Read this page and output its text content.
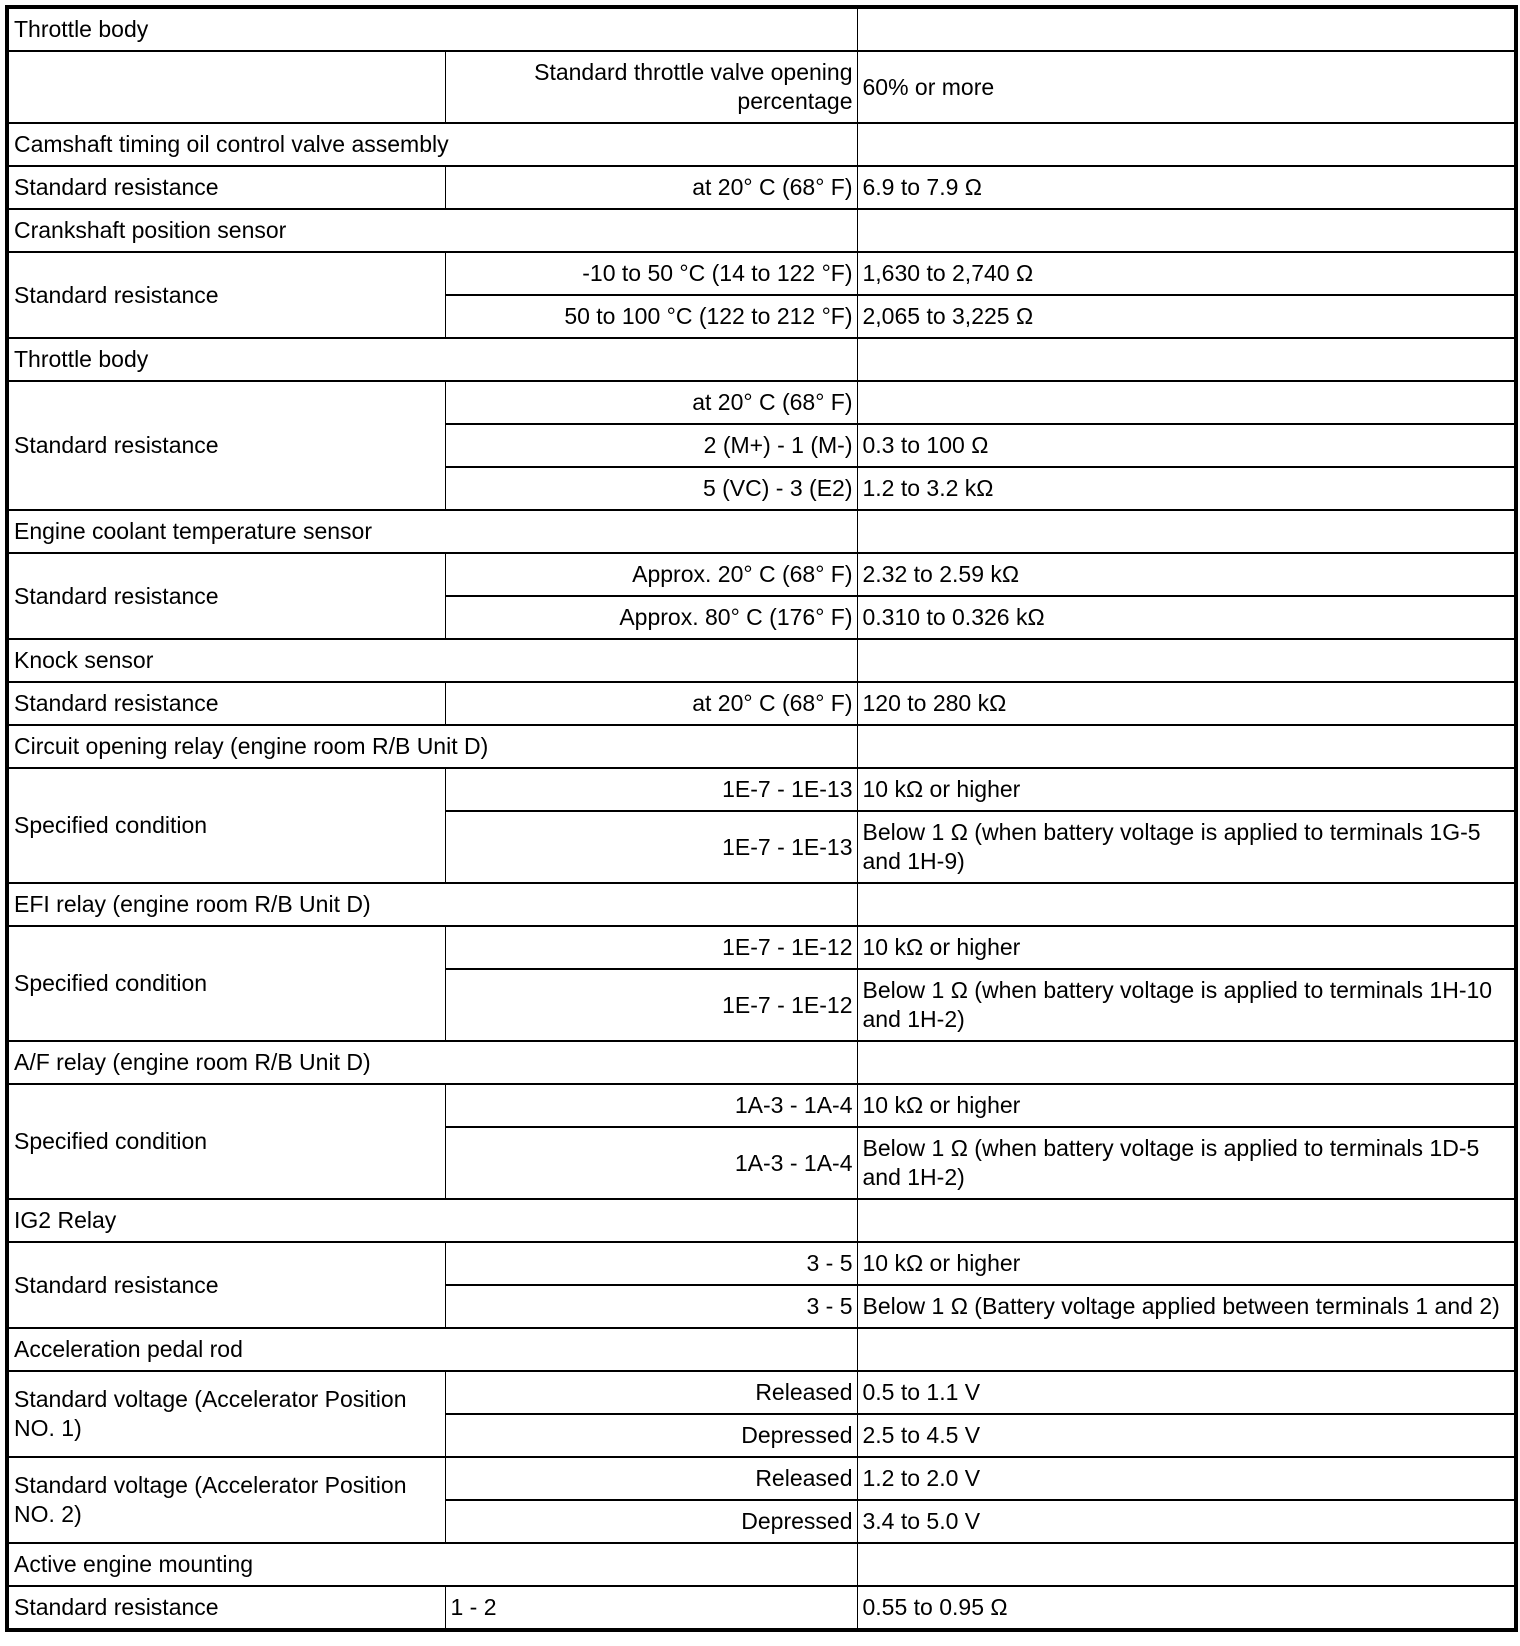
Throttle body		
	Standard throttle valve opening percentage	60% or more
Camshaft timing oil control valve assembly		
Standard resistance	at 20° C (68° F)	6.9 to 7.9 Ω
Crankshaft position sensor		
Standard resistance	-10 to 50 °C (14 to 122 °F)	1,630 to 2,740 Ω
	50 to 100 °C (122 to 212 °F)	2,065 to 3,225 Ω
Throttle body		
Standard resistance	at 20° C (68° F)	
	2 (M+) - 1 (M-)	0.3 to 100 Ω
	5 (VC) - 3 (E2)	1.2 to 3.2 kΩ
Engine coolant temperature sensor		
Standard resistance	Approx. 20° C (68° F)	2.32 to 2.59 kΩ
	Approx. 80° C (176° F)	0.310 to 0.326 kΩ
Knock sensor		
Standard resistance	at 20° C (68° F)	120 to 280 kΩ
Circuit opening relay (engine room R/B Unit D)		
Specified condition	1E-7 - 1E-13	10 kΩ or higher
	1E-7 - 1E-13	Below 1 Ω (when battery voltage is applied to terminals 1G-5 and 1H-9)
EFI relay (engine room R/B Unit D)		
Specified condition	1E-7 - 1E-12	10 kΩ or higher
	1E-7 - 1E-12	Below 1 Ω (when battery voltage is applied to terminals 1H-10 and 1H-2)
A/F relay (engine room R/B Unit D)		
Specified condition	1A-3 - 1A-4	10 kΩ or higher
	1A-3 - 1A-4	Below 1 Ω (when battery voltage is applied to terminals 1D-5 and 1H-2)
IG2 Relay		
Standard resistance	3 - 5	10 kΩ or higher
	3 - 5	Below 1 Ω (Battery voltage applied between terminals 1 and 2)
Acceleration pedal rod		
Standard voltage (Accelerator Position NO. 1)	Released	0.5 to 1.1 V
	Depressed	2.5 to 4.5 V
Standard voltage (Accelerator Position NO. 2)	Released	1.2 to 2.0 V
	Depressed	3.4 to 5.0 V
Active engine mounting		
Standard resistance	1 - 2	0.55 to 0.95 Ω
